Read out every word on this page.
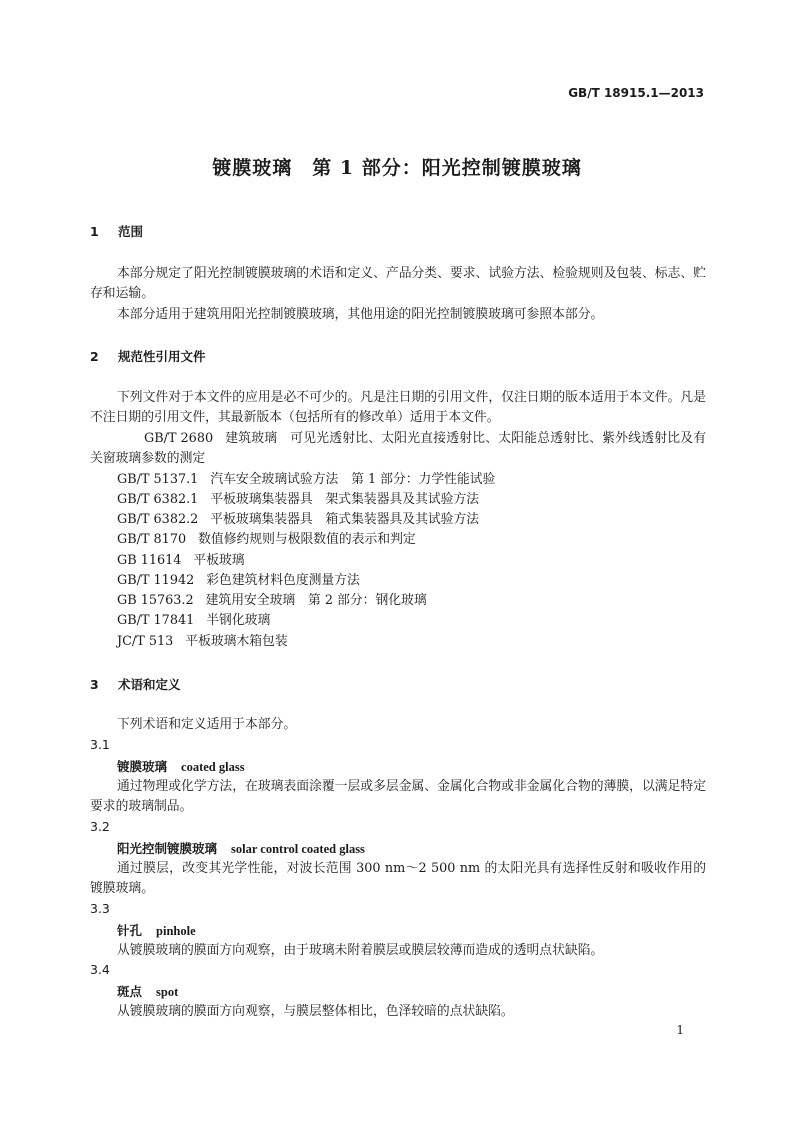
GB/T 18915.1—2013
镀膜玻璃　第 1 部分：阳光控制镀膜玻璃
1 范围
本部分规定了阳光控制镀膜玻璃的术语和定义、产品分类、要求、试验方法、检验规则及包装、标志、贮存和运输。
本部分适用于建筑用阳光控制镀膜玻璃，其他用途的阳光控制镀膜玻璃可参照本部分。
2 规范性引用文件
下列文件对于本文件的应用是必不可少的。凡是注日期的引用文件，仅注日期的版本适用于本文件。凡是不注日期的引用文件，其最新版本（包括所有的修改单）适用于本文件。
GB/T 2680 建筑玻璃　可见光透射比、太阳光直接透射比、太阳能总透射比、紫外线透射比及有关窗玻璃参数的测定
GB/T 5137.1 汽车安全玻璃试验方法　第 1 部分：力学性能试验
GB/T 6382.1 平板玻璃集装器具　架式集装器具及其试验方法
GB/T 6382.2 平板玻璃集装器具　箱式集装器具及其试验方法
GB/T 8170 数值修约规则与极限数值的表示和判定
GB 11614 平板玻璃
GB/T 11942 彩色建筑材料色度测量方法
GB 15763.2 建筑用安全玻璃　第 2 部分：钢化玻璃
GB/T 17841 半钢化玻璃
JC/T 513 平板玻璃木箱包装
3 术语和定义
下列术语和定义适用于本部分。
3.1
镀膜玻璃 coated glass
通过物理或化学方法，在玻璃表面涂覆一层或多层金属、金属化合物或非金属化合物的薄膜，以满足特定要求的玻璃制品。
3.2
阳光控制镀膜玻璃 solar control coated glass
通过膜层，改变其光学性能，对波长范围 300 nm～2 500 nm 的太阳光具有选择性反射和吸收作用的镀膜玻璃。
3.3
针孔 pinhole
从镀膜玻璃的膜面方向观察，由于玻璃未附着膜层或膜层较薄而造成的透明点状缺陷。
3.4
斑点 spot
从镀膜玻璃的膜面方向观察，与膜层整体相比，色泽较暗的点状缺陷。
1
